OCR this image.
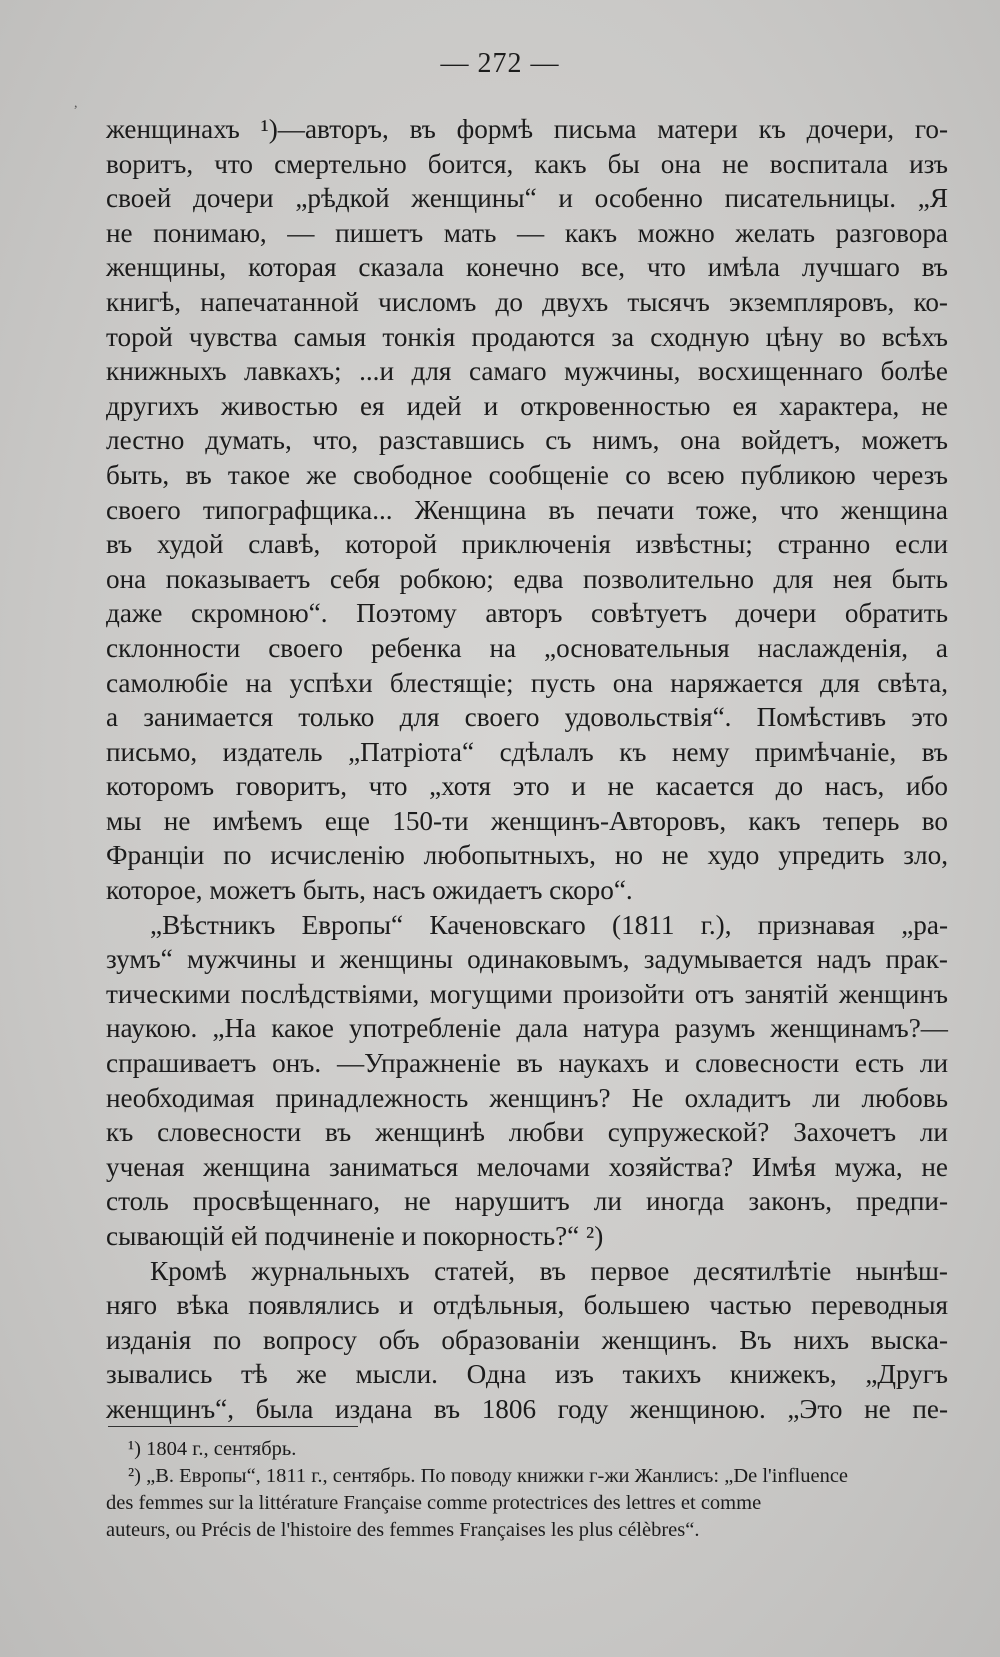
— 272 —
,

женщинахъ ¹)—авторъ, въ формѣ письма матери къ дочери, го-
воритъ, что смертельно боится, какъ бы она не воспитала изъ
своей дочери „рѣдкой женщины“ и особенно писательницы. „Я
не понимаю, — пишетъ мать — какъ можно желать разговора
женщины, которая сказала конечно все, что имѣла лучшаго въ
книгѣ, напечатанной числомъ до двухъ тысячъ экземпляровъ, ко-
торой чувства самыя тонкія продаются за сходную цѣну во всѣхъ
книжныхъ лавкахъ; ...и для самаго мужчины, восхищеннаго болѣе
другихъ живостью ея идей и откровенностью ея характера, не
лестно думать, что, разставшись съ нимъ, она войдетъ, можетъ
быть, въ такое же свободное сообщеніе со всею публикою черезъ
своего типографщика... Женщина въ печати тоже, что женщина
въ худой славѣ, которой приключенія извѣстны; странно если
она показываетъ себя робкою; едва позволительно для нея быть
даже скромною“. Поэтому авторъ совѣтуетъ дочери обратить
склонности своего ребенка на „основательныя наслажденія, а
самолюбіе на успѣхи блестящіе; пусть она наряжается для свѣта,
а занимается только для своего удовольствія“. Помѣстивъ это
письмо, издатель „Патріота“ сдѣлалъ къ нему примѣчаніе, въ
которомъ говоритъ, что „хотя это и не касается до насъ, ибо
мы не имѣемъ еще 150-ти женщинъ-Авторовъ, какъ теперь во
Франціи по исчисленію любопытныхъ, но не худо упредить зло,
которое, можетъ быть, насъ ожидаетъ скоро“.

„Вѣстникъ Европы“ Каченовскаго (1811 г.), признавая „ра-
зумъ“ мужчины и женщины одинаковымъ, задумывается надъ прак-
тическими послѣдствіями, могущими произойти отъ занятій женщинъ
наукою. „На какое употребленіе дала натура разумъ женщинамъ?—
спрашиваетъ онъ. —Упражненіе въ наукахъ и словесности есть ли
необходимая принадлежность женщинъ? Не охладитъ ли любовь
къ словесности въ женщинѣ любви супружеской? Захочетъ ли
ученая женщина заниматься мелочами хозяйства? Имѣя мужа, не
столь просвѣщеннаго, не нарушитъ ли иногда законъ, предпи-
сывающій ей подчиненіе и покорность?“ ²)

Кромѣ журнальныхъ статей, въ первое десятилѣтіе нынѣш-
няго вѣка появлялись и отдѣльныя, большею частью переводныя
изданія по вопросу объ образованіи женщинъ. Въ нихъ выска-
зывались тѣ же мысли. Одна изъ такихъ книжекъ, „Другъ
женщинъ“, была издана въ 1806 году женщиною. „Это не пе-

¹) 1804 г., сентябрь.
²) „В. Европы“, 1811 г., сентябрь. По поводу книжки г-жи Жанлисъ: „De l'influence
des femmes sur la littérature Française comme protectrices des lettres et comme
auteurs, ou Précis de l'histoire des femmes Françaises les plus célèbres“.
